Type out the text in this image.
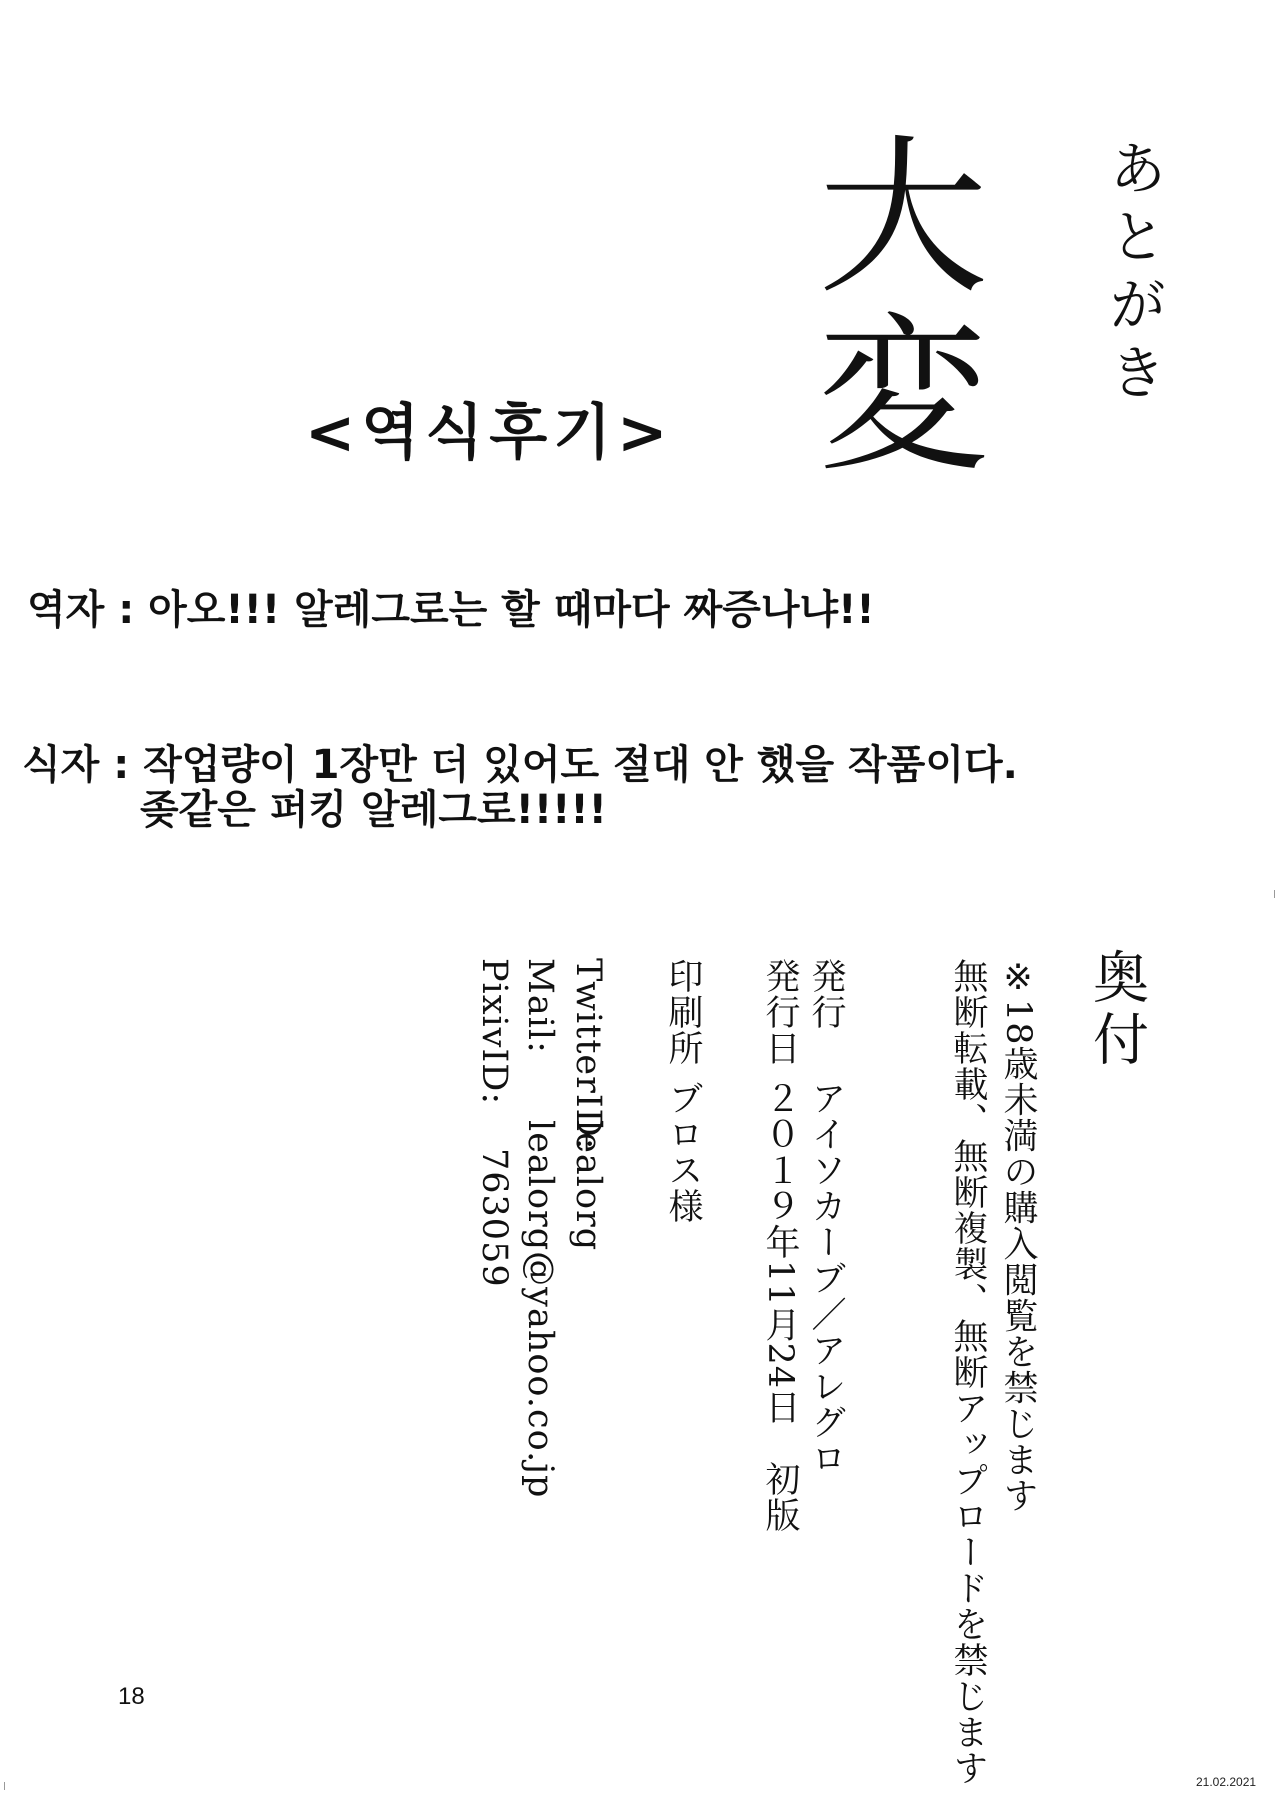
大変 あとがき
<역식후기>
역자 : 아오!!! 알레그로는 할 때마다 짜증나냐!!
식자 : 작업량이 1장만 더 있어도 절대 안 했을 작품이다.
좆같은 퍼킹 알레그로!!!!!
奥付
※18歳未満の購入閲覧を禁じます
無断転載、無断複製、無断アップロードを禁じます
発行
アイソカーブ／アレグロ
発行日
２０１９年11月24日　初版
印刷所
ブロス様
TwitterID:
lealorg
Mail:
lealorg@yahoo.co.jp
PixivID:
763059
18
21.02.2021
